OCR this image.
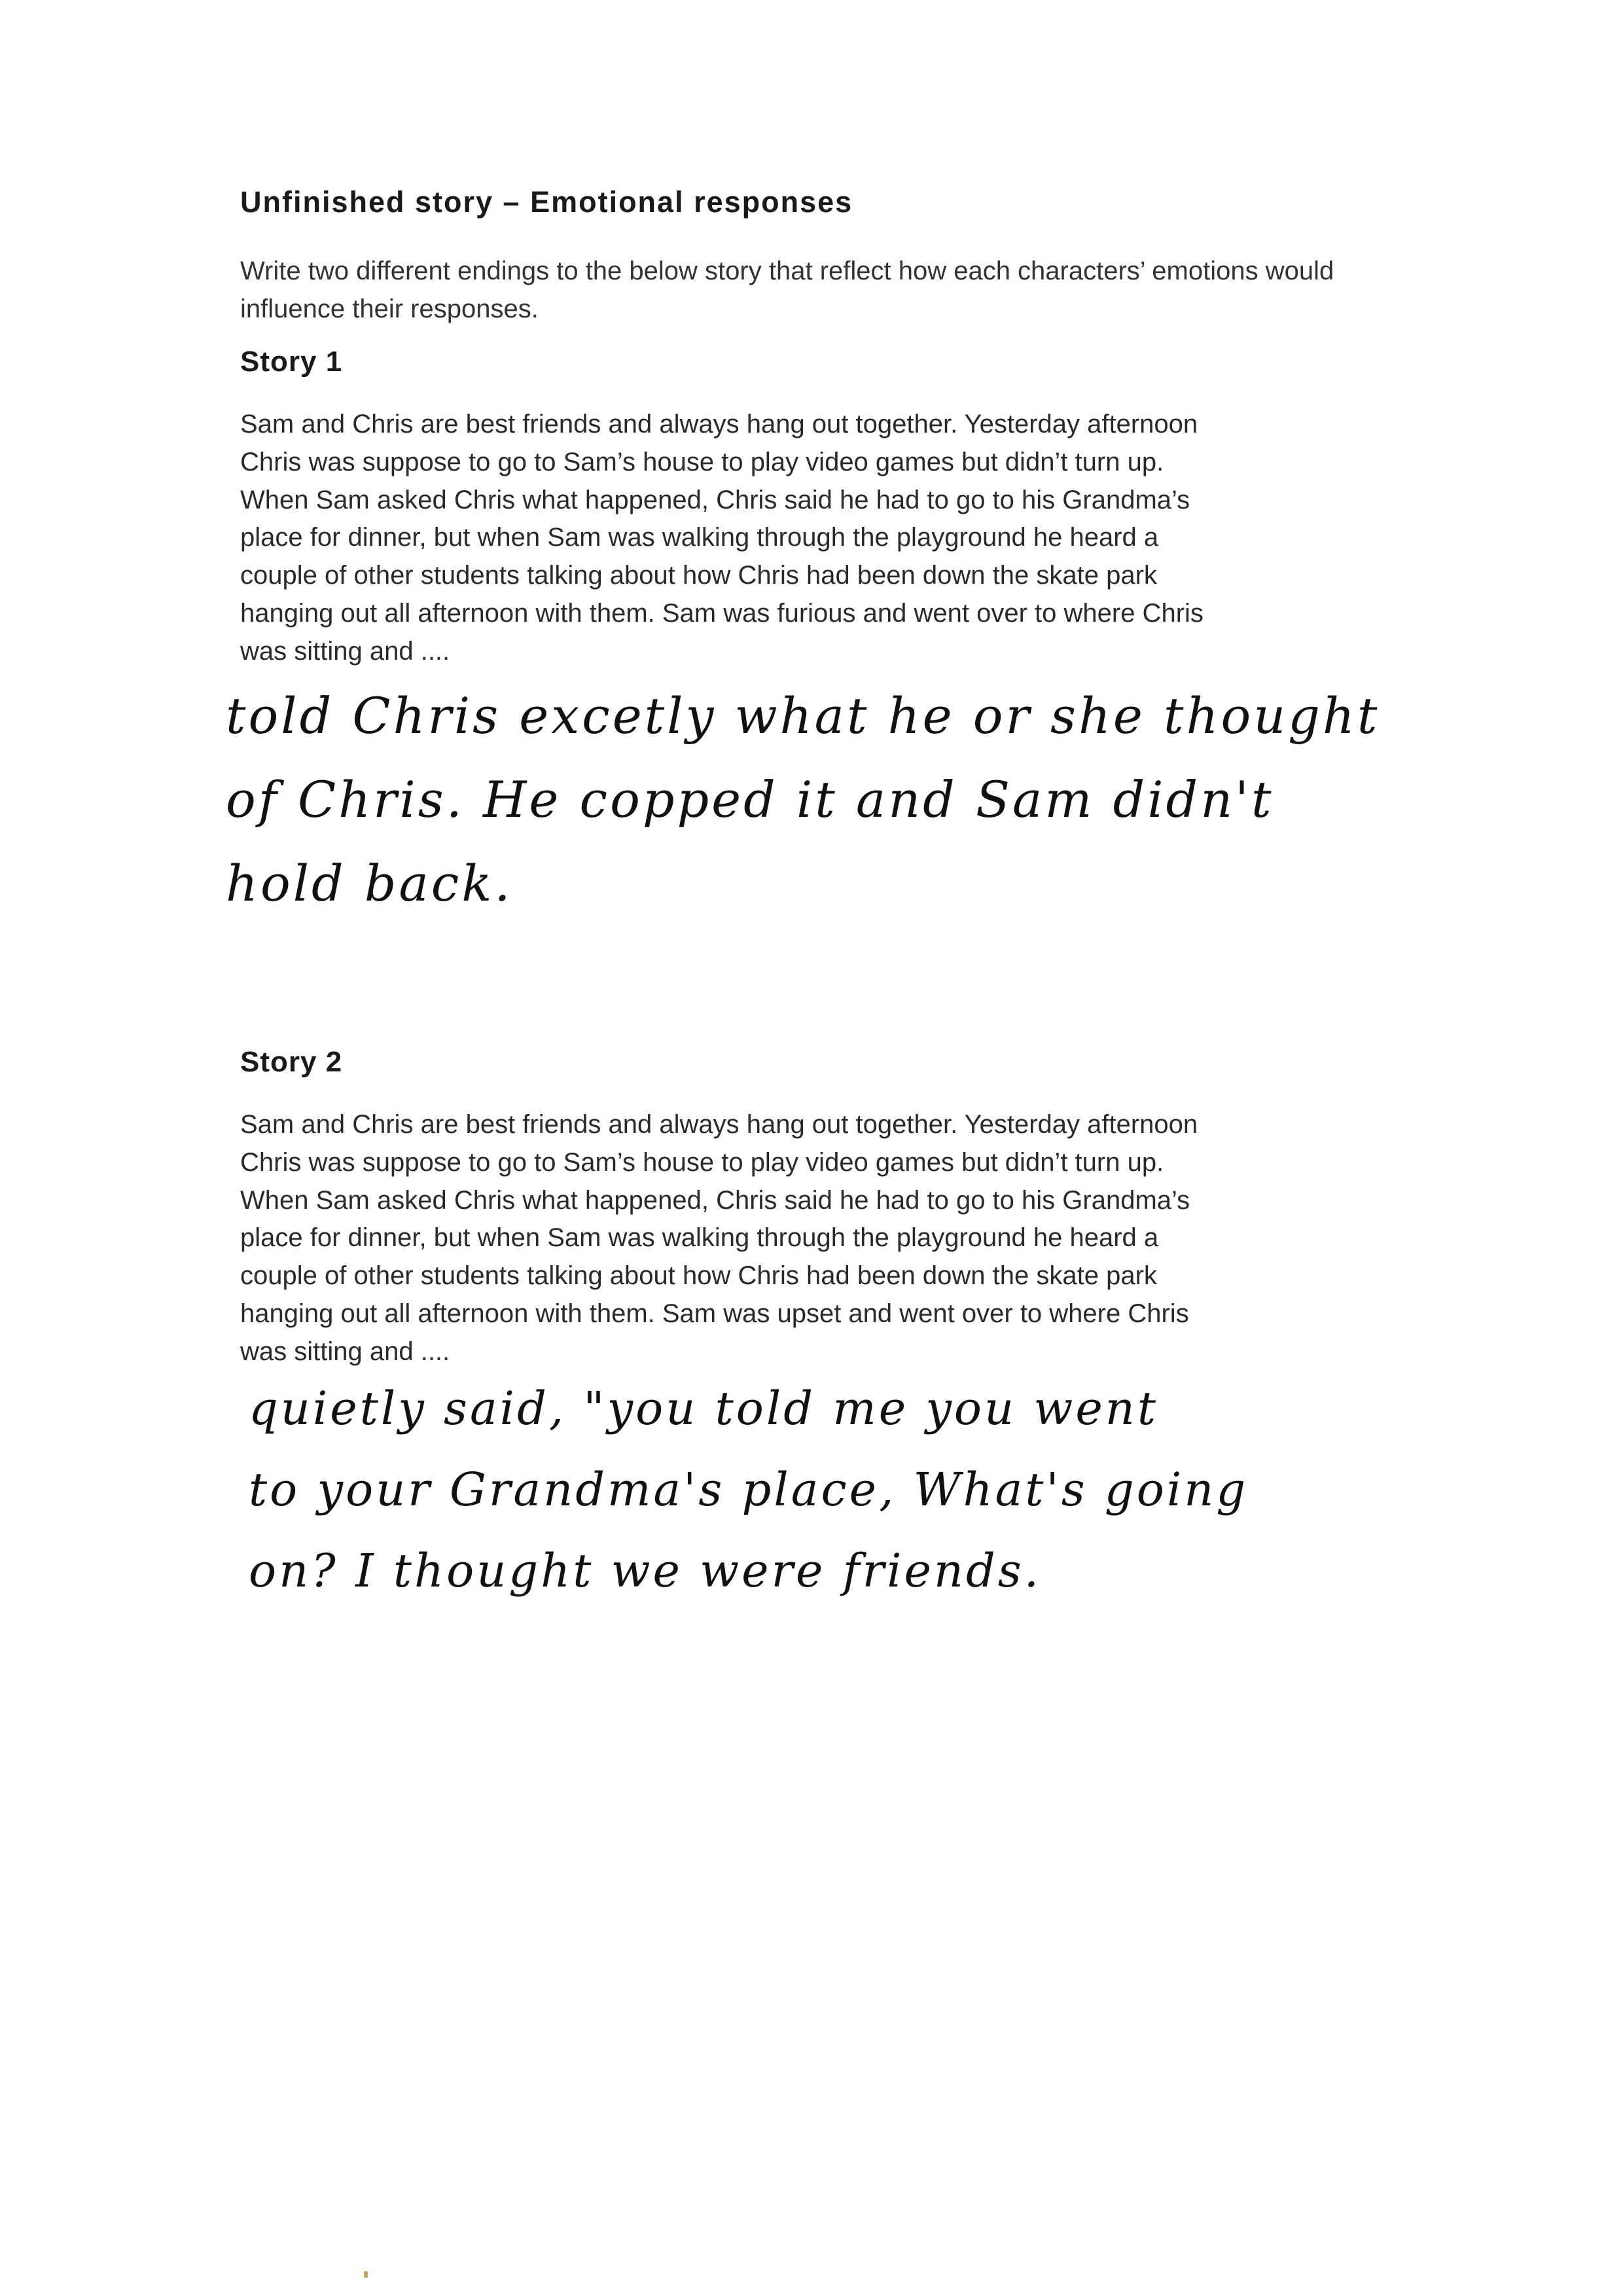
Unfinished story – Emotional responses

Write two different endings to the below story that reflect how each characters’ emotions would influence their responses.

Story 1
Sam and Chris are best friends and always hang out together. Yesterday afternoon
Chris was suppose to go to Sam’s house to play video games but didn’t turn up.
When Sam asked Chris what happened, Chris said he had to go to his Grandma’s
place for dinner, but when Sam was walking through the playground he heard a
couple of other students talking about how Chris had been down the skate park
hanging out all afternoon with them. Sam was furious and went over to where Chris
was sitting and ....
told Chris excetly what he or she thought
of Chris. He copped it and Sam didn't
hold back.
Story 2
Sam and Chris are best friends and always hang out together. Yesterday afternoon
Chris was suppose to go to Sam’s house to play video games but didn’t turn up.
When Sam asked Chris what happened, Chris said he had to go to his Grandma’s
place for dinner, but when Sam was walking through the playground he heard a
couple of other students talking about how Chris had been down the skate park
hanging out all afternoon with them. Sam was upset and went over to where Chris
was sitting and ....
quietly said, "you told me you went
to your Grandma's place, What's going
on? I thought we were friends.
